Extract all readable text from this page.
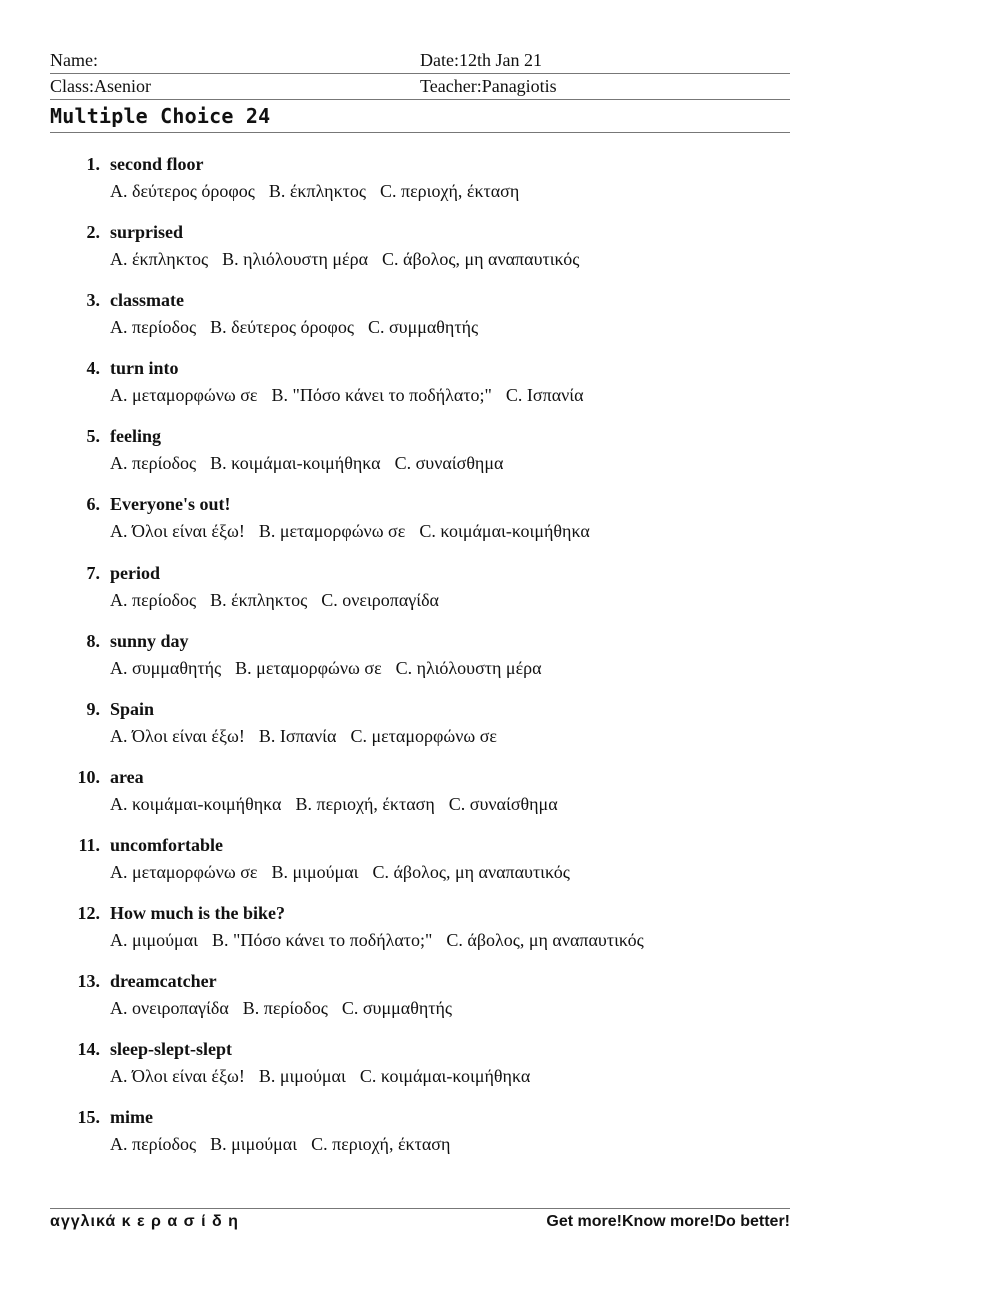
Name:	Date:12th Jan 21
Class:Asenior	Teacher:Panagiotis
Multiple Choice 24
1. second floor
A. δεύτερος όροφος B. έκπληκτος C. περιοχή, έκταση
2. surprised
A. έκπληκτος B. ηλιόλουστη μέρα C. άβολος, μη αναπαυτικός
3. classmate
A. περίοδος B. δεύτερος όροφος C. συμμαθητής
4. turn into
A. μεταμορφώνω σε B. "Πόσο κάνει το ποδήλατο;" C. Ισπανία
5. feeling
A. περίοδος B. κοιμάμαι-κοιμήθηκα C. συναίσθημα
6. Everyone's out!
A. Όλοι είναι έξω! B. μεταμορφώνω σε C. κοιμάμαι-κοιμήθηκα
7. period
A. περίοδος B. έκπληκτος C. ονειροπαγίδα
8. sunny day
A. συμμαθητής B. μεταμορφώνω σε C. ηλιόλουστη μέρα
9. Spain
A. Όλοι είναι έξω! B. Ισπανία C. μεταμορφώνω σε
10. area
A. κοιμάμαι-κοιμήθηκα B. περιοχή, έκταση C. συναίσθημα
11. uncomfortable
A. μεταμορφώνω σε B. μιμούμαι C. άβολος, μη αναπαυτικός
12. How much is the bike?
A. μιμούμαι B. "Πόσο κάνει το ποδήλατο;" C. άβολος, μη αναπαυτικός
13. dreamcatcher
A. ονειροπαγίδα B. περίοδος C. συμμαθητής
14. sleep-slept-slept
A. Όλοι είναι έξω! B. μιμούμαι C. κοιμάμαι-κοιμήθηκα
15. mime
A. περίοδος B. μιμούμαι C. περιοχή, έκταση
αγγλικά κ ε ρ α σ ί δ η	Get more!Know more!Do better!
